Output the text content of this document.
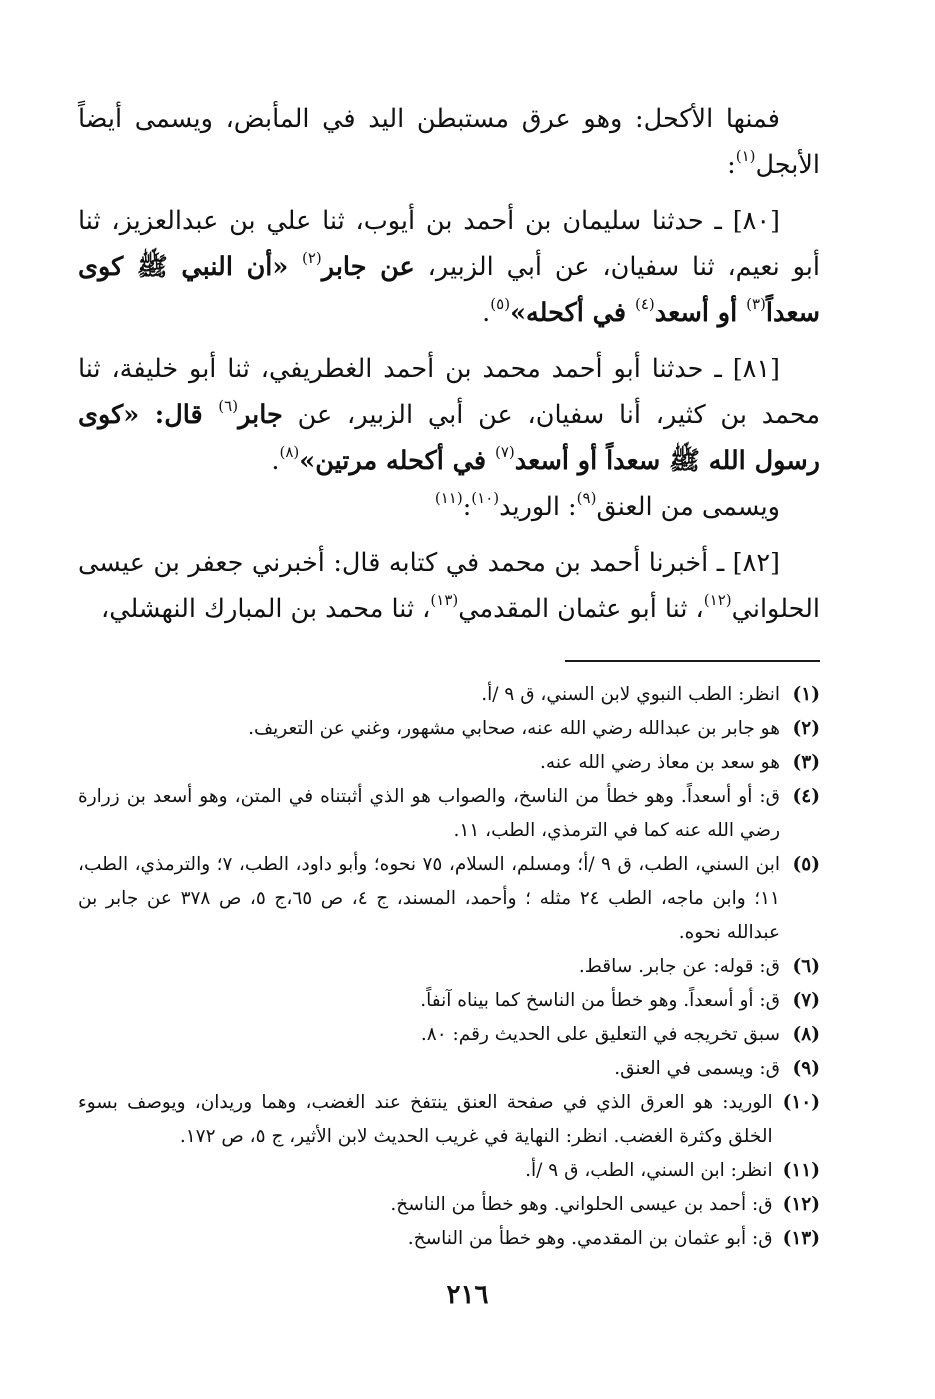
فمنها الأكحل: وهو عرق مستبطن اليد في المأبض، ويسمى أيضاً الأبجل$^{(١)}$:

[٨٠] ـ حدثنا سليمان بن أحمد بن أيوب، ثنا علي بن عبدالعزيز، ثنا أبو نعيم، ثنا سفيان، عن أبي الزبير، عن جابر$^{(٢)}$ «أن النبي ﷺ كوى سعداً$^{(٣)}$ أو أسعد$^{(٤)}$ في أكحله»$^{(٥)}$.

[٨١] ـ حدثنا أبو أحمد محمد بن أحمد الغطريفي، ثنا أبو خليفة، ثنا محمد بن كثير، أنا سفيان، عن أبي الزبير، عن جابر$^{(٦)}$ قال: «كوى رسول الله ﷺ سعداً أو أسعد$^{(٧)}$ في أكحله مرتين»$^{(٨)}$.

ويسمى من العنق$^{(٩)}$: الوريد$^{(١٠)}$:$^{(١١)}$

[٨٢] ـ أخبرنا أحمد بن محمد في كتابه قال: أخبرني جعفر بن عيسى الحلواني$^{(١٢)}$، ثنا أبو عثمان المقدمي$^{(١٣)}$، ثنا محمد بن المبارك النهشلي،

(١)
انظر: الطب النبوي لابن السني، ق ٩ /أ.
(٢)
هو جابر بن عبدالله رضي الله عنه، صحابي مشهور، وغني عن التعريف.
(٣)
هو سعد بن معاذ رضي الله عنه.
(٤)
ق: أو أسعداً. وهو خطأ من الناسخ، والصواب هو الذي أثبتناه في المتن، وهو أسعد بن زرارة رضي الله عنه كما في الترمذي، الطب، ١١.
(٥)
ابن السني، الطب، ق ٩ /أ؛ ومسلم، السلام، ٧٥ نحوه؛ وأبو داود، الطب، ٧؛ والترمذي، الطب، ١١؛ وابن ماجه، الطب ٢٤ مثله ؛ وأحمد، المسند، ج ٤، ص ٦٥،ج ٥، ص ٣٧٨ عن جابر بن عبدالله نحوه.
(٦)
ق: قوله: عن جابر. ساقط.
(٧)
ق: أو أسعداً. وهو خطأ من الناسخ كما بيناه آنفاً.
(٨)
سبق تخريجه في التعليق على الحديث رقم: ٨٠.
(٩)
ق: ويسمى في العنق.
(١٠)
الوريد: هو العرق الذي في صفحة العنق ينتفخ عند الغضب، وهما وريدان، ويوصف بسوء الخلق وكثرة الغضب. انظر: النهاية في غريب الحديث لابن الأثير، ج ٥، ص ١٧٢.
(١١)
انظر: ابن السني، الطب، ق ٩ /أ.
(١٢)
ق: أحمد بن عيسى الحلواني. وهو خطأ من الناسخ.
(١٣)
ق: أبو عثمان بن المقدمي. وهو خطأ من الناسخ.
٢١٦
